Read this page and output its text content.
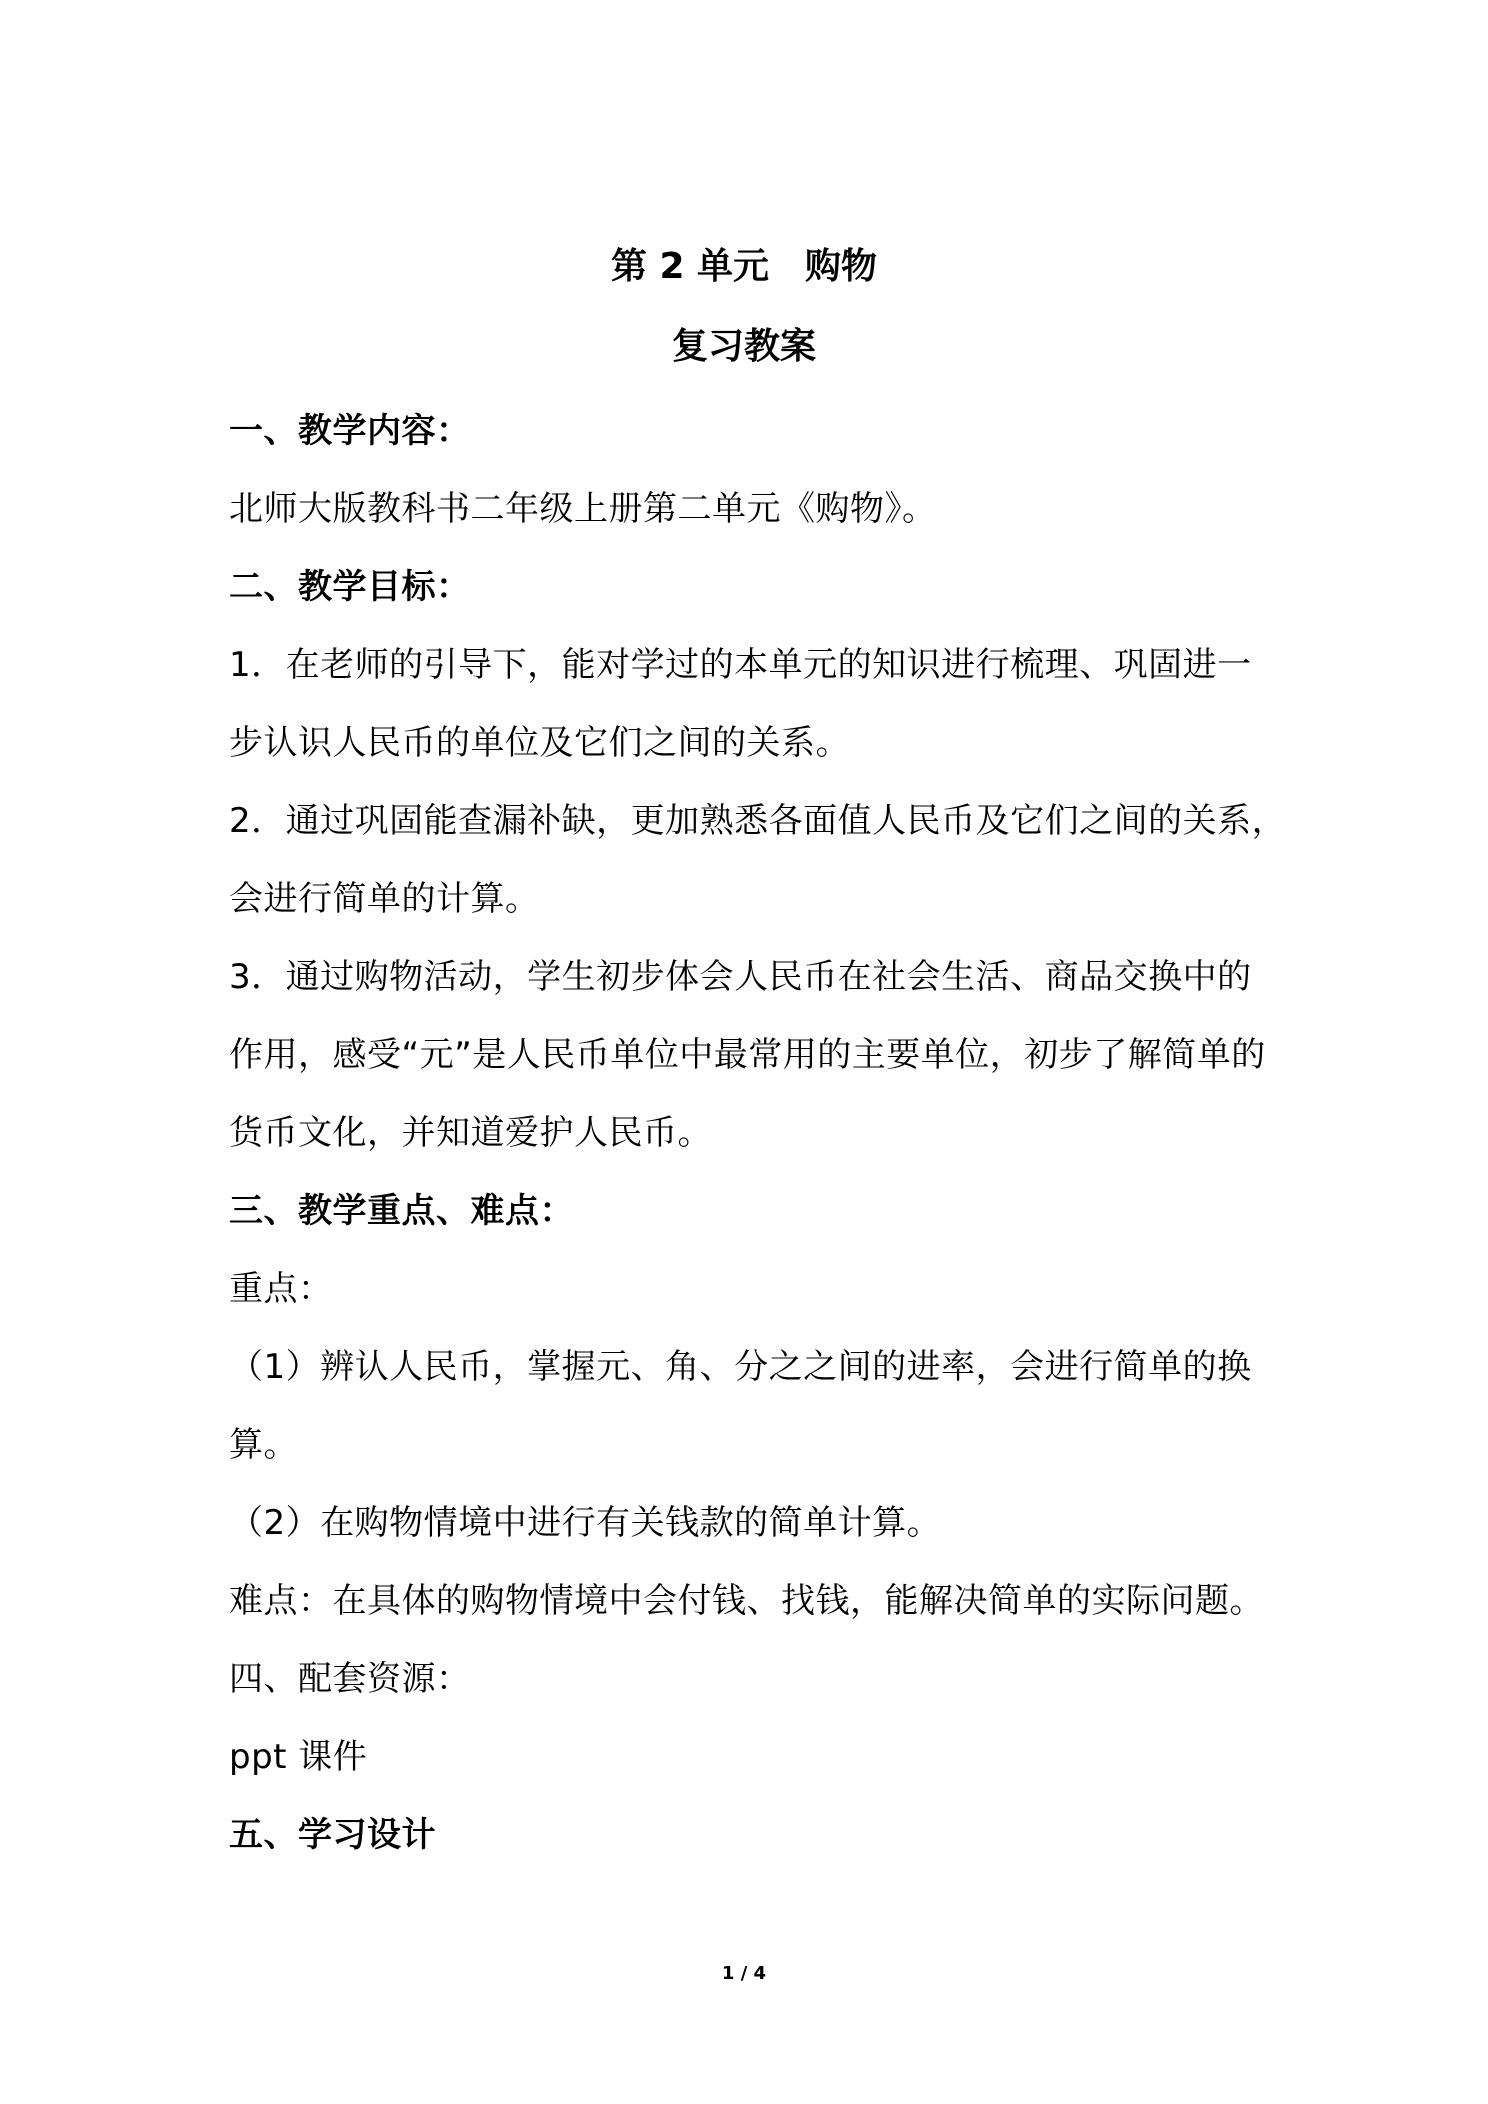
第 2 单元　购物
复习教案
一、教学内容：
北师大版教科书二年级上册第二单元《购物》。
二、教学目标：
1．在老师的引导下，能对学过的本单元的知识进行梳理、巩固进一
步认识人民币的单位及它们之间的关系。
2．通过巩固能查漏补缺，更加熟悉各面值人民币及它们之间的关系，
会进行简单的计算。
3．通过购物活动，学生初步体会人民币在社会生活、商品交换中的
作用，感受“元”是人民币单位中最常用的主要单位，初步了解简单的
货币文化，并知道爱护人民币。
三、教学重点、难点：
重点：
（1）辨认人民币，掌握元、角、分之之间的进率，会进行简单的换
算。
（2）在购物情境中进行有关钱款的简单计算。
难点：在具体的购物情境中会付钱、找钱，能解决简单的实际问题。
四、配套资源：
ppt 课件
五、学习设计
1 / 4
